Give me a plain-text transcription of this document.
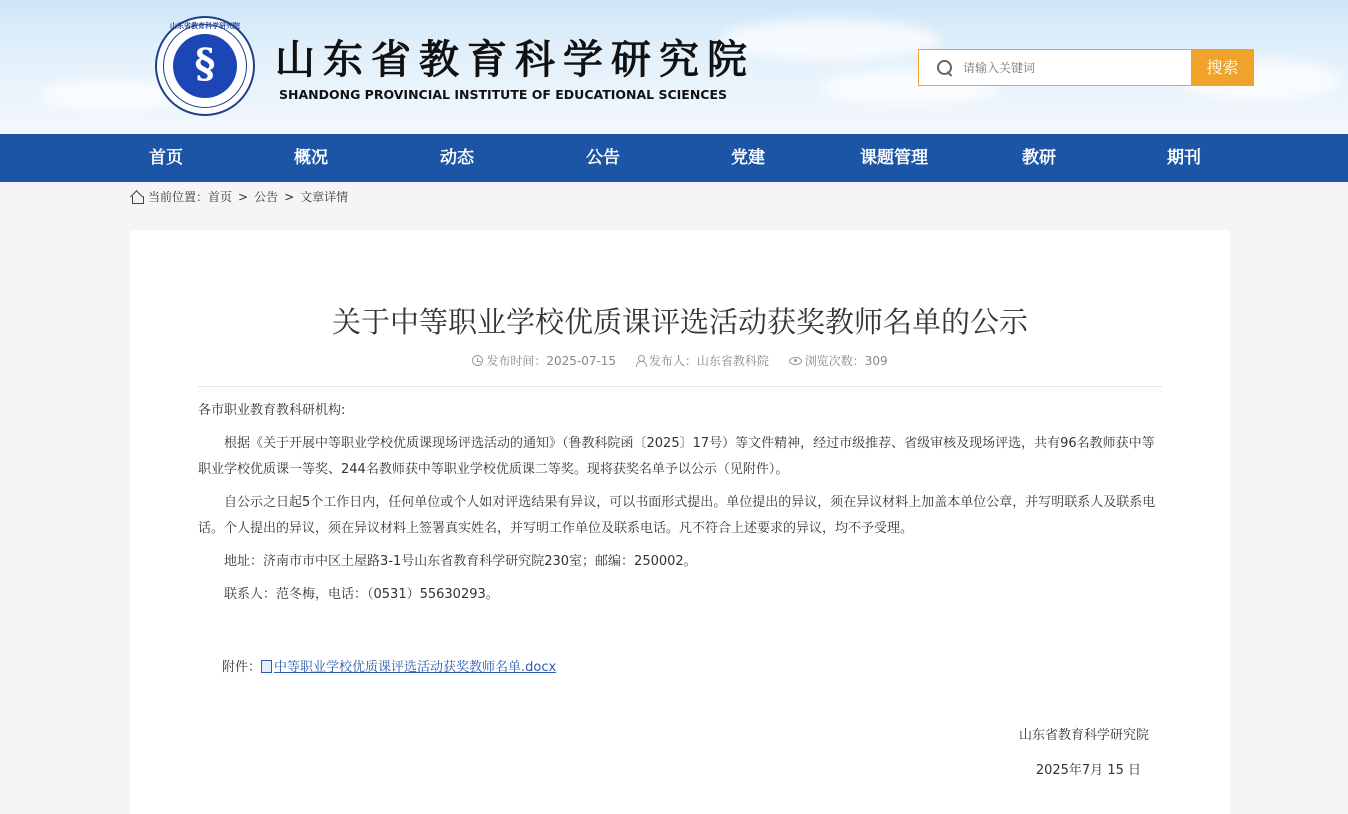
山东省教育科学研究院
§	山东省教育科学研究院
SHANDONG PROVINCIAL INSTITUTE OF EDUCATIONAL SCIENCES
请输入关键词
搜索
首页	概况	动态	公告	党建	课题管理	教研	期刊
当前位置： 首页 > 公告 > 文章详情
关于中等职业学校优质课评选活动获奖教师名单的公示
发布时间：2025-07-15	发布人：山东省教科院	浏览次数：309

各市职业教育教科研机构:

根据《关于开展中等职业学校优质课现场评选活动的通知》（鲁教科院函〔2025〕17号）等文件精神，经过市级推荐、省级审核及现场评选，共有96名教师获中等职业学校优质课一等奖、244名教师获中等职业学校优质课二等奖。现将获奖名单予以公示（见附件）。

自公示之日起5个工作日内，任何单位或个人如对评选结果有异议，可以书面形式提出。单位提出的异议，须在异议材料上加盖本单位公章，并写明联系人及联系电话。个人提出的异议，须在异议材料上签署真实姓名，并写明工作单位及联系电话。凡不符合上述要求的异议，均不予受理。

地址：济南市市中区土屋路3-1号山东省教育科学研究院230室；邮编：250002。

联系人：范冬梅，电话：（0531）55630293。

附件： 中等职业学校优质课评选活动获奖教师名单.docx
山东省教育科学研究院
2025年7月 15 日
